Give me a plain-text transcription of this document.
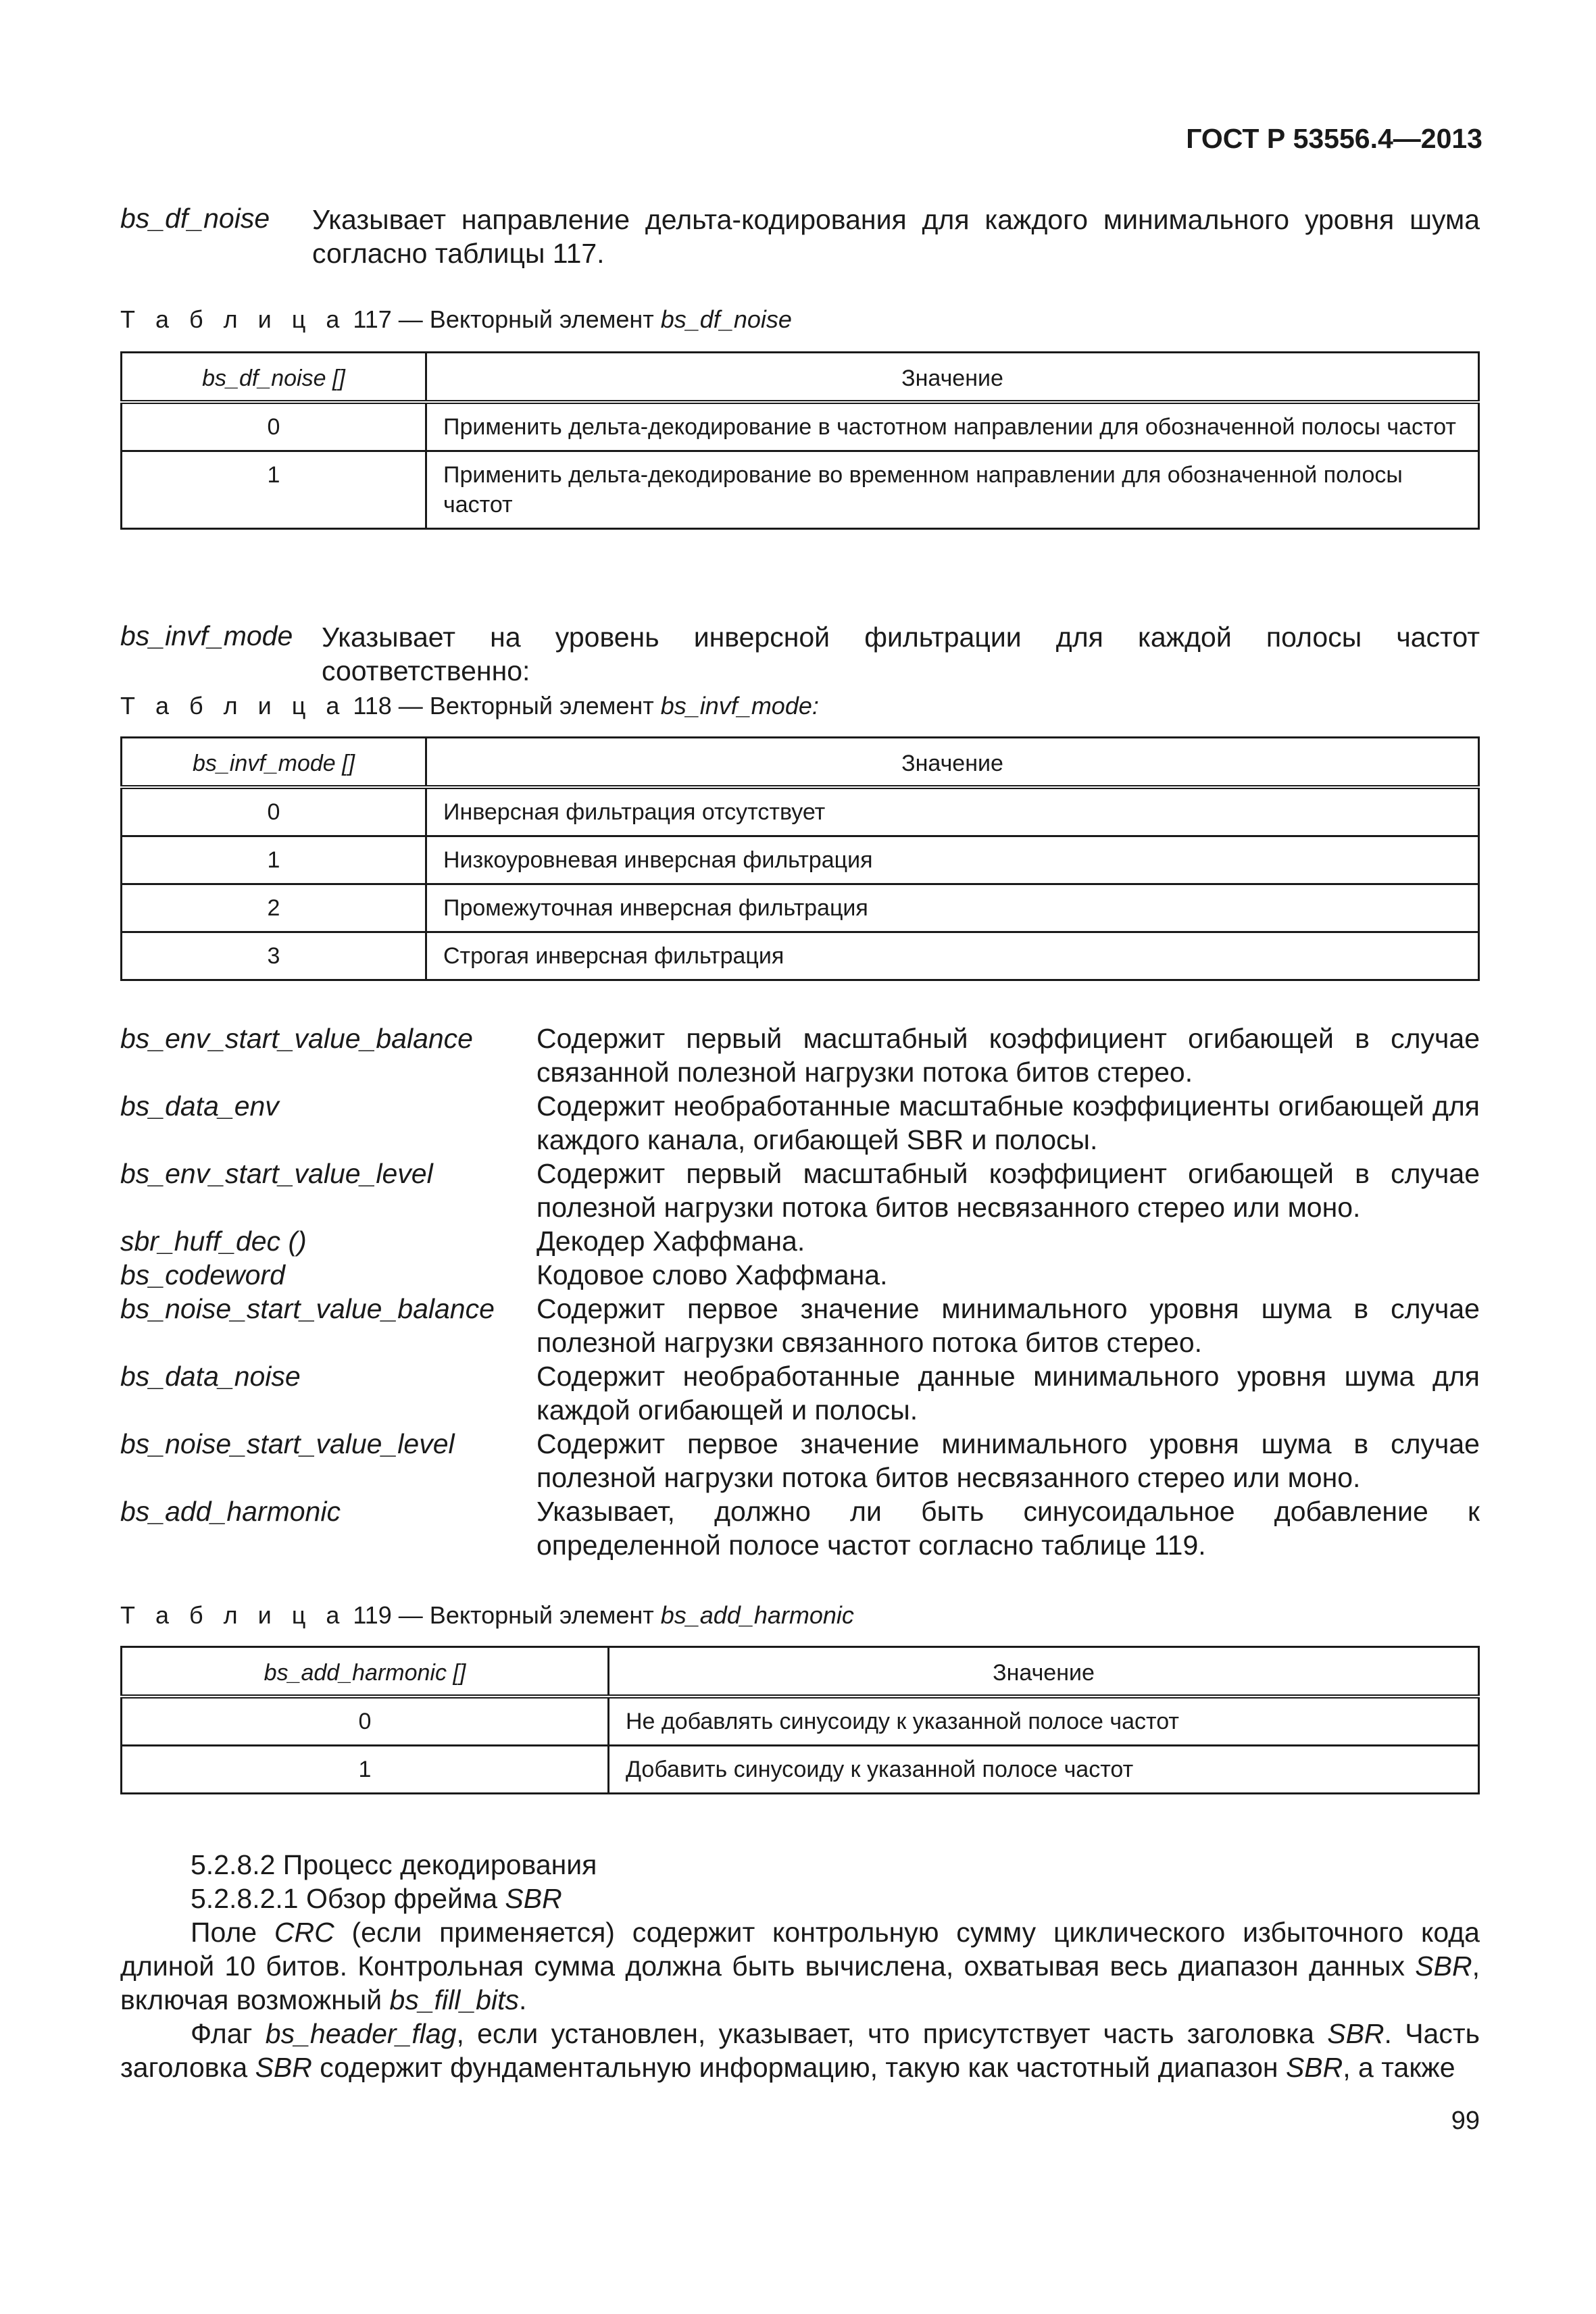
ГОСТ Р 53556.4—2013
bs_df_noise Указывает направление дельта-кодирования для каждого минимального уровня шума согласно таблицы 117.
Т а б л и ц а 117 — Векторный элемент bs_df_noise
bs_df_noise []	Значение
0	Применить дельта-декодирование в частотном направлении для обозначенной полосы частот
1	Применить дельта-декодирование во временном направлении для обозначенной полосы частот
bs_invf_mode Указывает на уровень инверсной фильтрации для каждой полосы частот соответственно:
Т а б л и ц а 118 — Векторный элемент bs_invf_mode:
bs_invf_mode []	Значение
0	Инверсная фильтрация отсутствует
1	Низкоуровневая инверсная фильтрация
2	Промежуточная инверсная фильтрация
3	Строгая инверсная фильтрация
bs_env_start_value_balance	Содержит первый масштабный коэффициент огибающей в случае связанной полезной нагрузки потока битов стерео.
bs_data_env	Содержит необработанные масштабные коэффициенты огибающей для каждого канала, огибающей SBR и полосы.
bs_env_start_value_level	Содержит первый масштабный коэффициент огибающей в случае полезной нагрузки потока битов несвязанного стерео или моно.
sbr_huff_dec ()	Декодер Хаффмана.
bs_codeword	Кодовое слово Хаффмана.
bs_noise_start_value_balance	Содержит первое значение минимального уровня шума в случае полезной нагрузки связанного потока битов стерео.
bs_data_noise	Содержит необработанные данные минимального уровня шума для каждой огибающей и полосы.
bs_noise_start_value_level	Содержит первое значение минимального уровня шума в случае полезной нагрузки потока битов несвязанного стерео или моно.
bs_add_harmonic	Указывает, должно ли быть синусоидальное добавление к определенной полосе частот согласно таблице 119.
Т а б л и ц а 119 — Векторный элемент bs_add_harmonic
bs_add_harmonic []	Значение
0	Не добавлять синусоиду к указанной полосе частот
1	Добавить синусоиду к указанной полосе частот

5.2.8.2 Процесс декодирования

5.2.8.2.1 Обзор фрейма SBR

Поле CRC (если применяется) содержит контрольную сумму циклического избыточного кода длиной 10 битов. Контрольная сумма должна быть вычислена, охватывая весь диапазон данных SBR, включая возможный bs_fill_bits.

Флаг bs_header_flag, если установлен, указывает, что присутствует часть заголовка SBR. Часть заголовка SBR содержит фундаментальную информацию, такую как частотный диапазон SBR, а также

99
